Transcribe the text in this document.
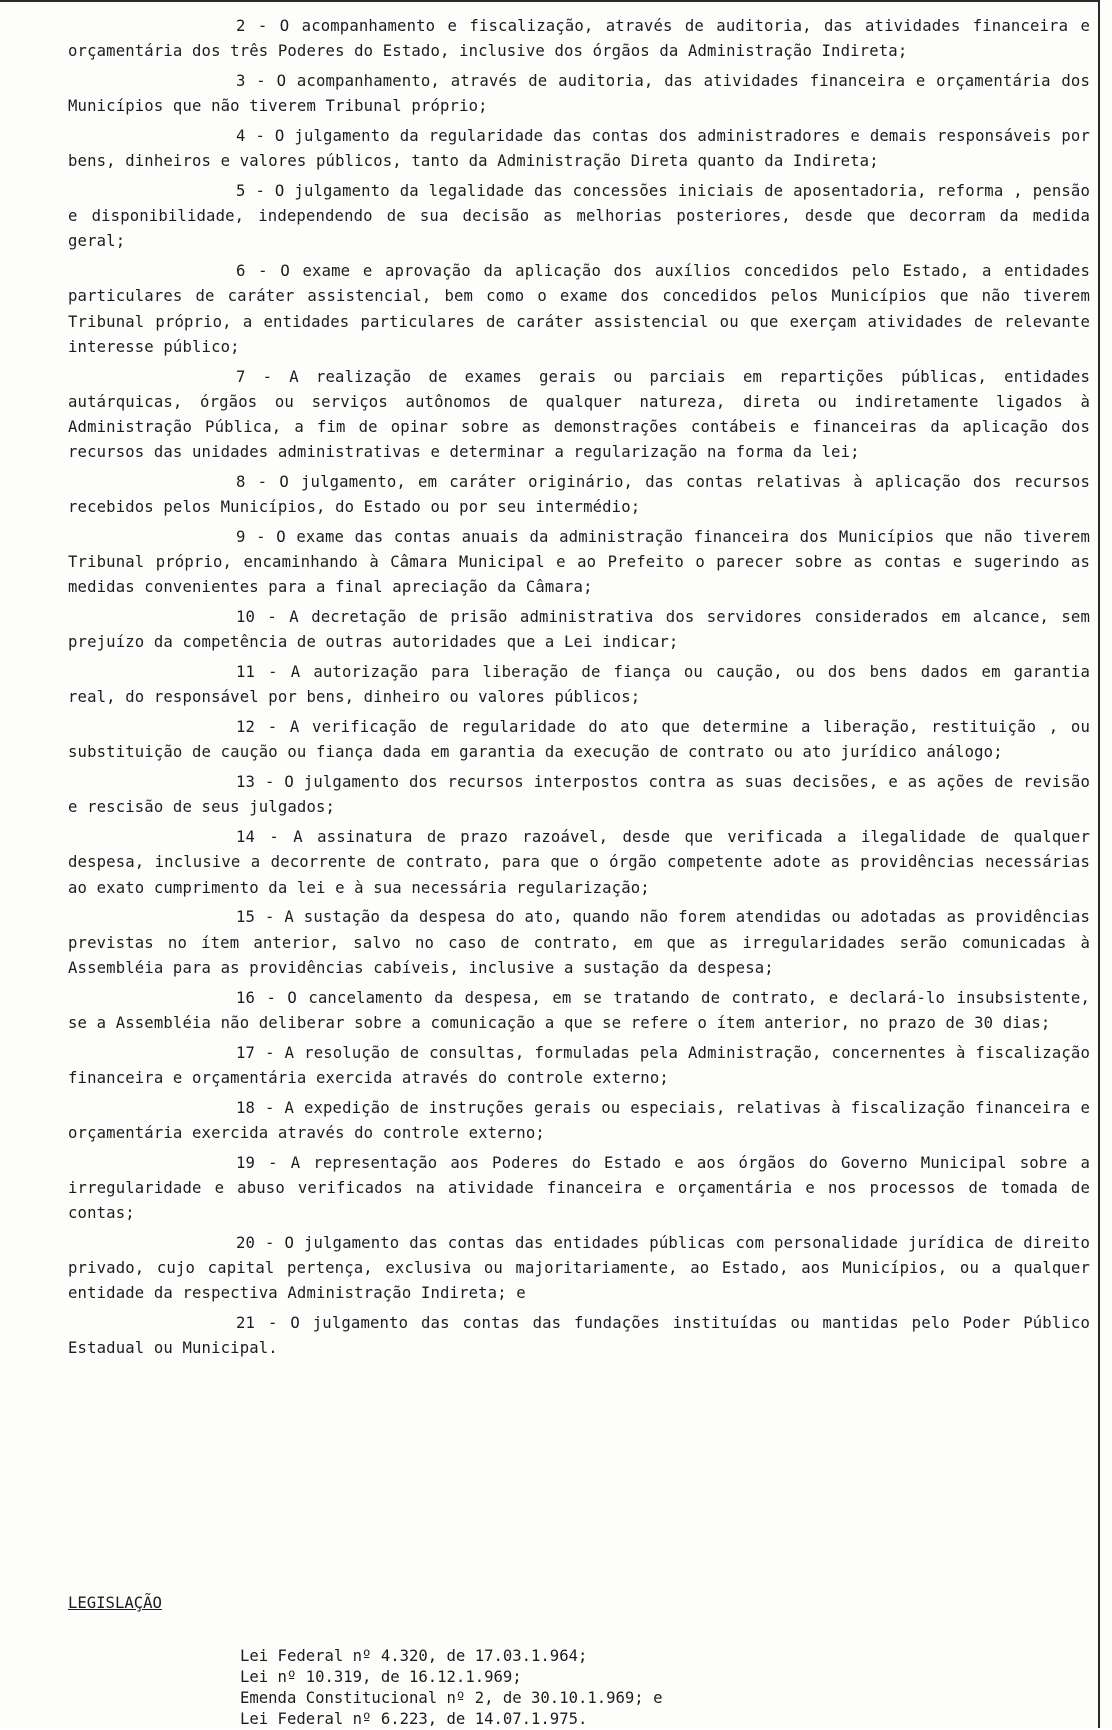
2 - O acompanhamento e fiscalização, através de auditoria, das atividades financeira e orçamentária dos três Poderes do Estado, inclusive dos órgãos da Administração Indireta;

3 - O acompanhamento, através de auditoria, das atividades financeira e orçamentária dos Municípios que não tiverem Tribunal próprio;

4 - O julgamento da regularidade das contas dos administradores e demais responsáveis por bens, dinheiros e valores públicos, tanto da Administração Direta quanto da Indireta;

5 - O julgamento da legalidade das concessões iniciais de aposentadoria, reforma , pensão e disponibilidade, independendo de sua decisão as melhorias posteriores, desde que decorram da medida geral;

6 - O exame e aprovação da aplicação dos auxílios concedidos pelo Estado, a entidades particulares de caráter assistencial, bem como o exame dos concedidos pelos Municípios que não tiverem Tribunal próprio, a entidades particulares de caráter assistencial ou que exerçam atividades de relevante interesse público;

7 - A realização de exames gerais ou parciais em repartições públicas, entidades autárquicas, órgãos ou serviços autônomos de qualquer natureza, direta ou indiretamente ligados à Administração Pública, a fim de opinar sobre as demonstrações contábeis e financeiras da aplicação dos recursos das unidades administrativas e determinar a regularização na forma da lei;

8 - O julgamento, em caráter originário, das contas relativas à aplicação dos recursos recebidos pelos Municípios, do Estado ou por seu intermédio;

9 - O exame das contas anuais da administração financeira dos Municípios que não tiverem Tribunal próprio, encaminhando à Câmara Municipal e ao Prefeito o parecer sobre as contas e sugerindo as medidas convenientes para a final apreciação da Câmara;

10 - A decretação de prisão administrativa dos servidores considerados em alcance, sem prejuízo da competência de outras autoridades que a Lei indicar;

11 - A autorização para liberação de fiança ou caução, ou dos bens dados em garantia real, do responsável por bens, dinheiro ou valores públicos;

12 - A verificação de regularidade do ato que determine a liberação, restituição , ou substituição de caução ou fiança dada em garantia da execução de contrato ou ato jurídico análogo;

13 - O julgamento dos recursos interpostos contra as suas decisões, e as ações de revisão e rescisão de seus julgados;

14 - A assinatura de prazo razoável, desde que verificada a ilegalidade de qualquer despesa, inclusive a decorrente de contrato, para que o órgão competente adote as providências necessárias ao exato cumprimento da lei e à sua necessária regularização;

15 - A sustação da despesa do ato, quando não forem atendidas ou adotadas as providências previstas no ítem anterior, salvo no caso de contrato, em que as irregularidades serão comunicadas à Assembléia para as providências cabíveis, inclusive a sustação da despesa;

16 - O cancelamento da despesa, em se tratando de contrato, e declará-lo insubsistente, se a Assembléia não deliberar sobre a comunicação a que se refere o ítem anterior, no prazo de 30 dias;

17 - A resolução de consultas, formuladas pela Administração, concernentes à fiscalização financeira e orçamentária exercida através do controle externo;

18 - A expedição de instruções gerais ou especiais, relativas à fiscalização financeira e orçamentária exercida através do controle externo;

19 - A representação aos Poderes do Estado e aos órgãos do Governo Municipal sobre a irregularidade e abuso verificados na atividade financeira e orçamentária e nos processos de tomada de contas;

20 - O julgamento das contas das entidades públicas com personalidade jurídica de direito privado, cujo capital pertença, exclusiva ou majoritariamente, ao Estado, aos Municípios, ou a qualquer entidade da respectiva Administração Indireta; e

21 - O julgamento das contas das fundações instituídas ou mantidas pelo Poder Público Estadual ou Municipal.

LEGISLAÇÃO
Lei Federal nº 4.320, de 17.03.1.964;
Lei nº 10.319, de 16.12.1.969;
Emenda Constitucional nº 2, de 30.10.1.969; e
Lei Federal nº 6.223, de 14.07.1.975.
